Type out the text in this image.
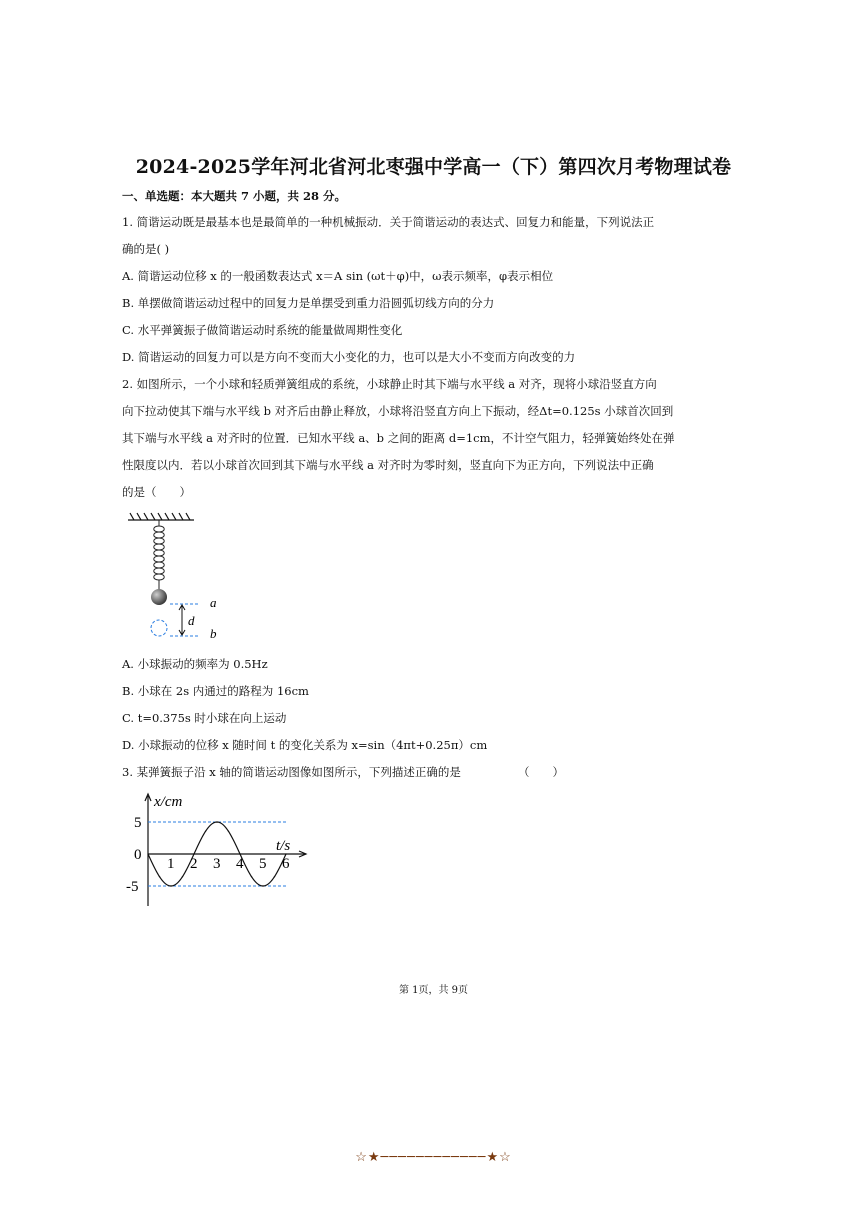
2024-2025学年河北省河北枣强中学高一（下）第四次月考物理试卷
一、单选题：本大题共 7 小题，共 28 分。
1. 简谐运动既是最基本也是最简单的一种机械振动．关于简谐运动的表达式、回复力和能量，下列说法正
确的是( )
A. 简谐运动位移 x 的一般函数表达式 x＝A sin (ωt＋φ)中，ω表示频率，φ表示相位
B. 单摆做简谐运动过程中的回复力是单摆受到重力沿圆弧切线方向的分力
C. 水平弹簧振子做简谐运动时系统的能量做周期性变化
D. 简谐运动的回复力可以是方向不变而大小变化的力，也可以是大小不变而方向改变的力
2. 如图所示，一个小球和轻质弹簧组成的系统，小球静止时其下端与水平线 a 对齐，现将小球沿竖直方向
向下拉动使其下端与水平线 b 对齐后由静止释放，小球将沿竖直方向上下振动，经Δt=0.125s 小球首次回到
其下端与水平线 a 对齐时的位置．已知水平线 a、b 之间的距离 d=1cm，不计空气阻力，轻弹簧始终处在弹
性限度以内．若以小球首次回到其下端与水平线 a 对齐时为零时刻，竖直向下为正方向，下列说法中正确
的是（　　）
d
a
b
A. 小球振动的频率为 0.5Hz
B. 小球在 2s 内通过的路程为 16cm
C. t=0.375s 时小球在向上运动
D. 小球振动的位移 x 随时间 t 的变化关系为 x=sin（4πt+0.25π）cm
3. 某弹簧振子沿 x 轴的简谐运动图像如图所示，下列描述正确的是	（　　）
1 2 3 4 5 6
5
0
-5
x/cm
t/s
第 1页，共 9页
☆★────────────★☆
